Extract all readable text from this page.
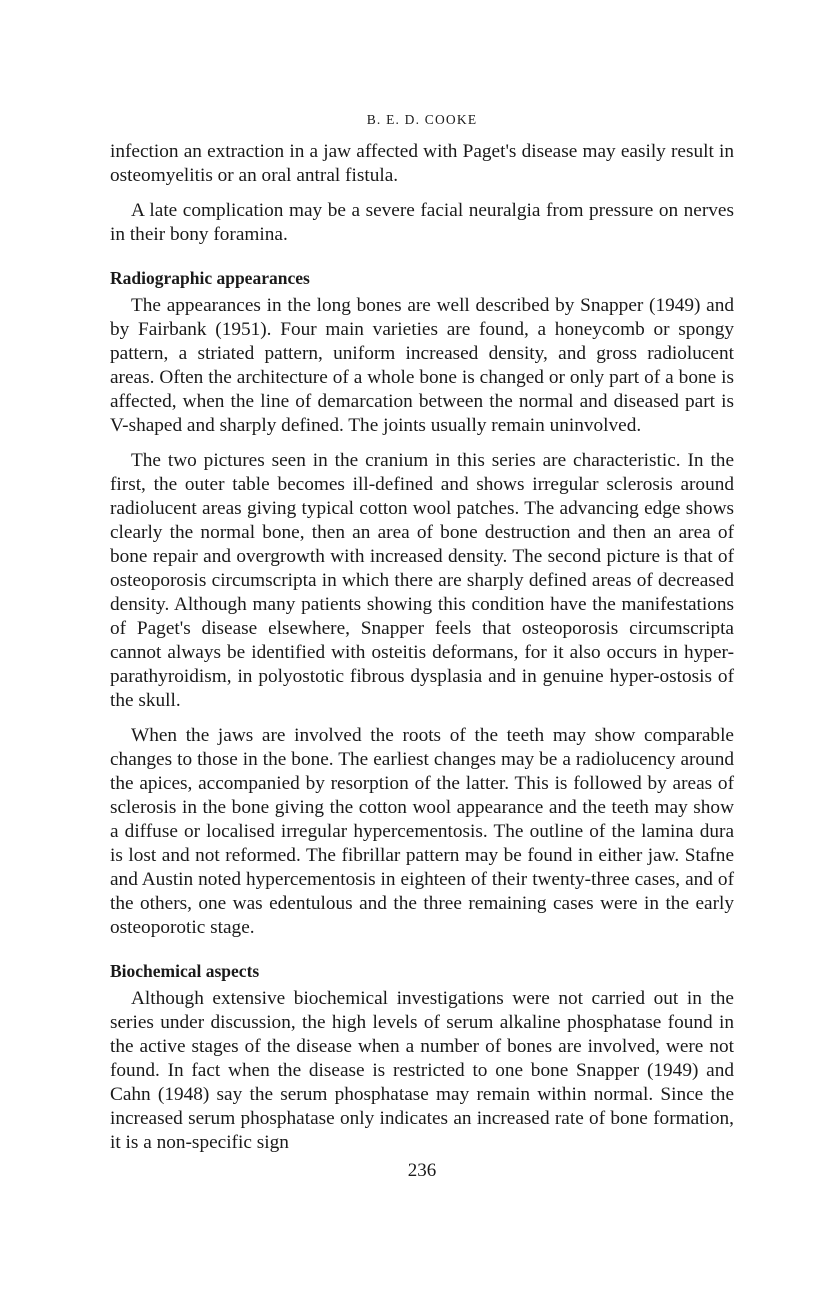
B. E. D. COOKE

infection an extraction in a jaw affected with Paget's disease may easily result in osteomyelitis or an oral antral fistula.

A late complication may be a severe facial neuralgia from pressure on nerves in their bony foramina.

Radiographic appearances

The appearances in the long bones are well described by Snapper (1949) and by Fairbank (1951). Four main varieties are found, a honeycomb or spongy pattern, a striated pattern, uniform increased density, and gross radiolucent areas. Often the architecture of a whole bone is changed or only part of a bone is affected, when the line of demarcation between the normal and diseased part is V-shaped and sharply defined. The joints usually remain uninvolved.

The two pictures seen in the cranium in this series are characteristic. In the first, the outer table becomes ill-defined and shows irregular sclerosis around radiolucent areas giving typical cotton wool patches. The advancing edge shows clearly the normal bone, then an area of bone destruction and then an area of bone repair and overgrowth with increased density. The second picture is that of osteoporosis circumscripta in which there are sharply defined areas of decreased density. Although many patients showing this condition have the manifestations of Paget's disease elsewhere, Snapper feels that osteoporosis circumscripta cannot always be identified with osteitis deformans, for it also occurs in hyper-parathyroidism, in polyostotic fibrous dysplasia and in genuine hyper-ostosis of the skull.

When the jaws are involved the roots of the teeth may show comparable changes to those in the bone. The earliest changes may be a radiolucency around the apices, accompanied by resorption of the latter. This is followed by areas of sclerosis in the bone giving the cotton wool appearance and the teeth may show a diffuse or localised irregular hypercementosis. The outline of the lamina dura is lost and not reformed. The fibrillar pattern may be found in either jaw. Stafne and Austin noted hypercementosis in eighteen of their twenty-three cases, and of the others, one was edentulous and the three remaining cases were in the early osteoporotic stage.

Biochemical aspects

Although extensive biochemical investigations were not carried out in the series under discussion, the high levels of serum alkaline phosphatase found in the active stages of the disease when a number of bones are involved, were not found. In fact when the disease is restricted to one bone Snapper (1949) and Cahn (1948) say the serum phosphatase may remain within normal. Since the increased serum phosphatase only indicates an increased rate of bone formation, it is a non-specific sign

236
